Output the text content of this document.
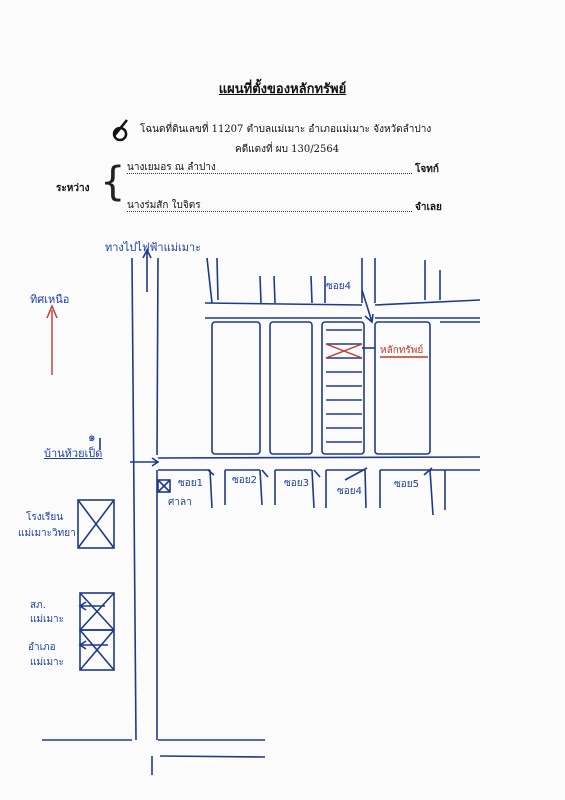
แผนที่ตั้งของหลักทรัพย์
โฉนดที่ดินเลขที่ 11207 ตำบลแม่เมาะ อำเภอแม่เมาะ จังหวัดลำปาง
คดีแดงที่ ผบ 130/2564
ระหว่าง { นางเยมอร ณ ลำปาง	โจทก์
นางร่มสัก ใบจิตร	จำเลย
ทางไปไฟฟ้าแม่เมาะ
ทิศเหนือ
๑
บ้านห้วยเป็ด
ซอย1	ซอย2	ซอย3
ซอย4
ซอย5
ซอย4
ศาลา
หลักทรัพย์
โรงเรียน
แม่เมาะวิทยา
สภ.
แม่เมาะ
อำเภอ
แม่เมาะ
